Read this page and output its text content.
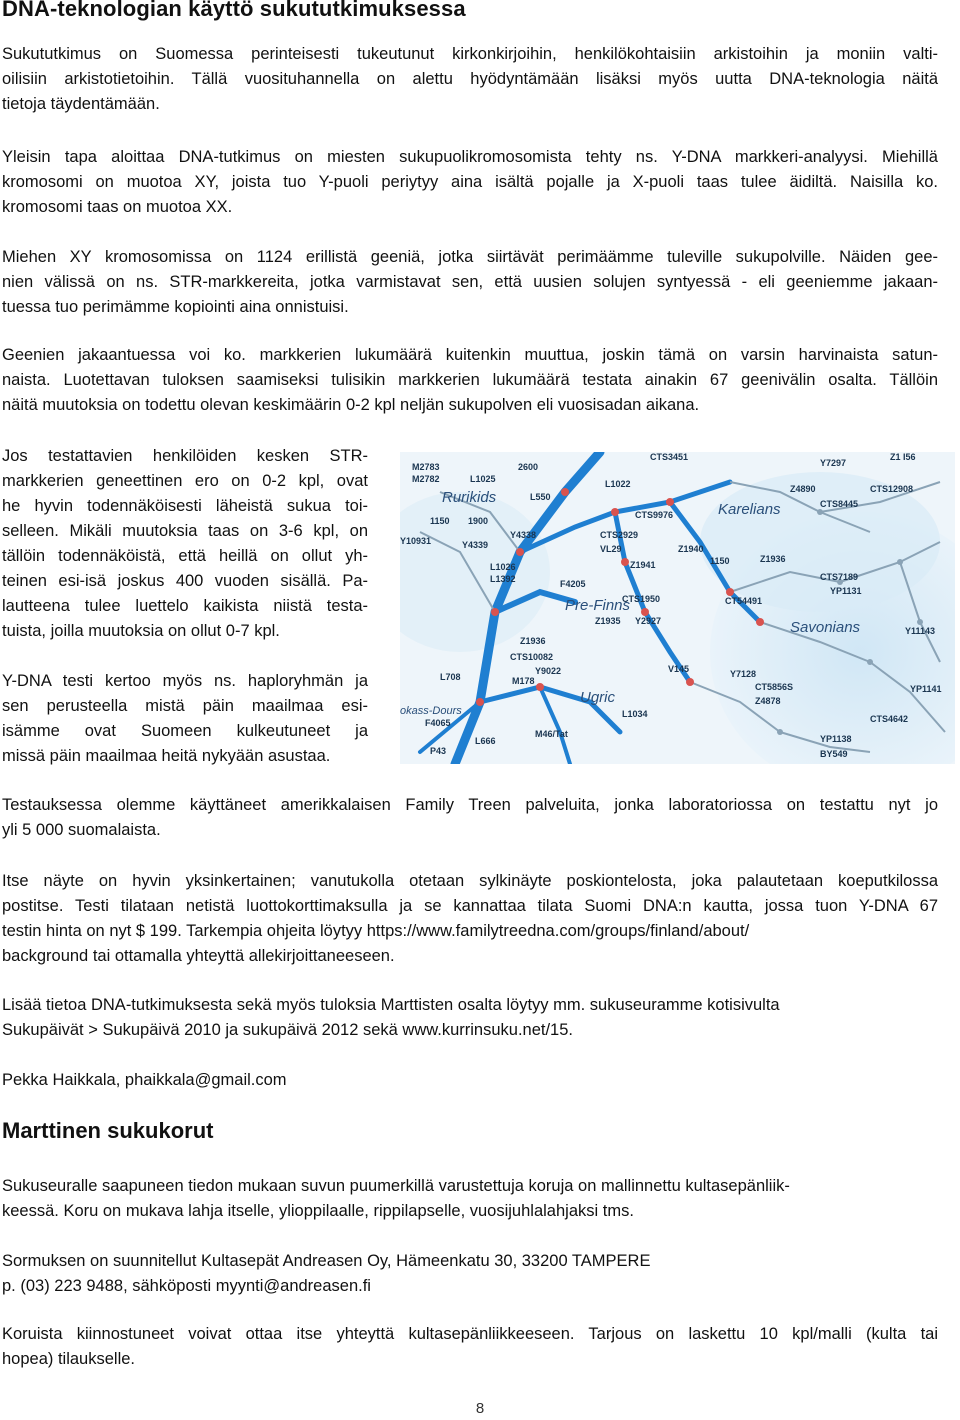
DNA-teknologian käyttö sukututkimuksessa

Sukututkimus on Suomessa perinteisesti tukeutunut kirkonkirjoihin, henkilökohtaisiin arkistoihin ja moniin valti-
oilisiin arkistotietoihin. Tällä vuosituhannella on alettu hyödyntämään lisäksi myös uutta DNA-teknologia näitä
tietoja täydentämään.

Yleisin tapa aloittaa DNA-tutkimus on miesten sukupuolikromosomista tehty ns. Y-DNA markkeri-analyysi. Miehillä
kromosomi on muotoa XY, joista tuo Y-puoli periytyy aina isältä pojalle ja X-puoli taas tulee äidiltä. Naisilla ko.
kromosomi taas on muotoa XX.

Miehen XY kromosomissa on 1124 erillistä geeniä, jotka siirtävät perimäämme tuleville sukupolville. Näiden gee-
nien välissä on ns. STR-markkereita, jotka varmistavat sen, että uusien solujen syntyessä - eli geeniemme jakaan-
tuessa tuo perimämme kopiointi aina onnistuisi.

Geenien jakaantuessa voi ko. markkerien lukumäärä kuitenkin muuttua, joskin tämä on varsin harvinaista satun-
naista. Luotettavan tuloksen saamiseksi tulisikin markkerien lukumäärä testata ainakin 67 geenivälin osalta. Tällöin
näitä muutoksia on todettu olevan keskimäärin 0-2 kpl neljän sukupolven eli vuosisadan aikana.

Jos testattavien henkilöiden kesken STR-
markkerien geneettinen ero on 0-2 kpl, ovat
he hyvin todennäköisesti läheistä sukua toi-
selleen. Mikäli muutoksia taas on 3-6 kpl, on
tällöin todennäköistä, että heillä on ollut yh-
teinen esi-isä joskus 400 vuoden sisällä. Pa-
lautteena tulee luettelo kaikista niistä testa-
tuista, joilla muutoksia on ollut 0-7 kpl.

Y-DNA testi kertoo myös ns. haploryhmän ja
sen perusteella mistä päin maailmaa esi-
isämme ovat Suomeen kulkeutuneet ja
missä päin maailmaa heitä nykyään asustaa.

Rurikids
Karelians
Pre-Finns
Savonians
Ugric
okass-Dours
M2783
M2782	L1025
2600
CTS3451
L1022
Y7297
Z1 I56
L550
CTS9976
Z4890
CTS8445
CTS12908
1150 1900
Y4339
Y4338
Y10931
CTS2929
VL29	Z1940
1150	Z1936
CTS7189
YP1131
L1026
L1392	F4205
Z1941
CTS1950
Z1935 Y2927
CT54491
Z1936
CTS10082
L708	M178
Y9022	V145
L1034
F4065
P43
L666
M46/Tat
Y7128
CT5856S
Z4878
Y11143
YP1141
CTS4642
YP1138
BY549

Testauksessa olemme käyttäneet amerikkalaisen Family Treen palveluita, jonka laboratoriossa on testattu nyt jo
yli 5 000 suomalaista.

Itse näyte on hyvin yksinkertainen; vanutukolla otetaan sylkinäyte poskiontelosta, joka palautetaan koeputkilossa
postitse. Testi tilataan netistä luottokorttimaksulla ja se kannattaa tilata Suomi DNA:n kautta, jossa tuon Y-DNA 67
testin hinta on nyt $ 199. Tarkempia ohjeita löytyy https://www.familytreedna.com/groups/finland/about/
background tai ottamalla yhteyttä allekirjoittaneeseen.

Lisää tietoa DNA-tutkimuksesta sekä myös tuloksia Marttisten osalta löytyy mm. sukuseuramme kotisivulta
Sukupäivät > Sukupäivä 2010 ja sukupäivä 2012 sekä www.kurrinsuku.net/15.

Pekka Haikkala, phaikkala@gmail.com

Marttinen sukukorut

Sukuseuralle saapuneen tiedon mukaan suvun puumerkillä varustettuja koruja on mallinnettu kultasepänliik-
keessä. Koru on mukava lahja itselle, ylioppilaalle, rippilapselle, vuosijuhlalahjaksi tms.

Sormuksen on suunnitellut Kultasepät Andreasen Oy, Hämeenkatu 30, 33200 TAMPERE
p. (03) 223 9488, sähköposti myynti@andreasen.fi

Koruista kiinnostuneet voivat ottaa itse yhteyttä kultasepänliikkeeseen. Tarjous on laskettu 10 kpl/malli (kulta tai
hopea) tilaukselle.

8
